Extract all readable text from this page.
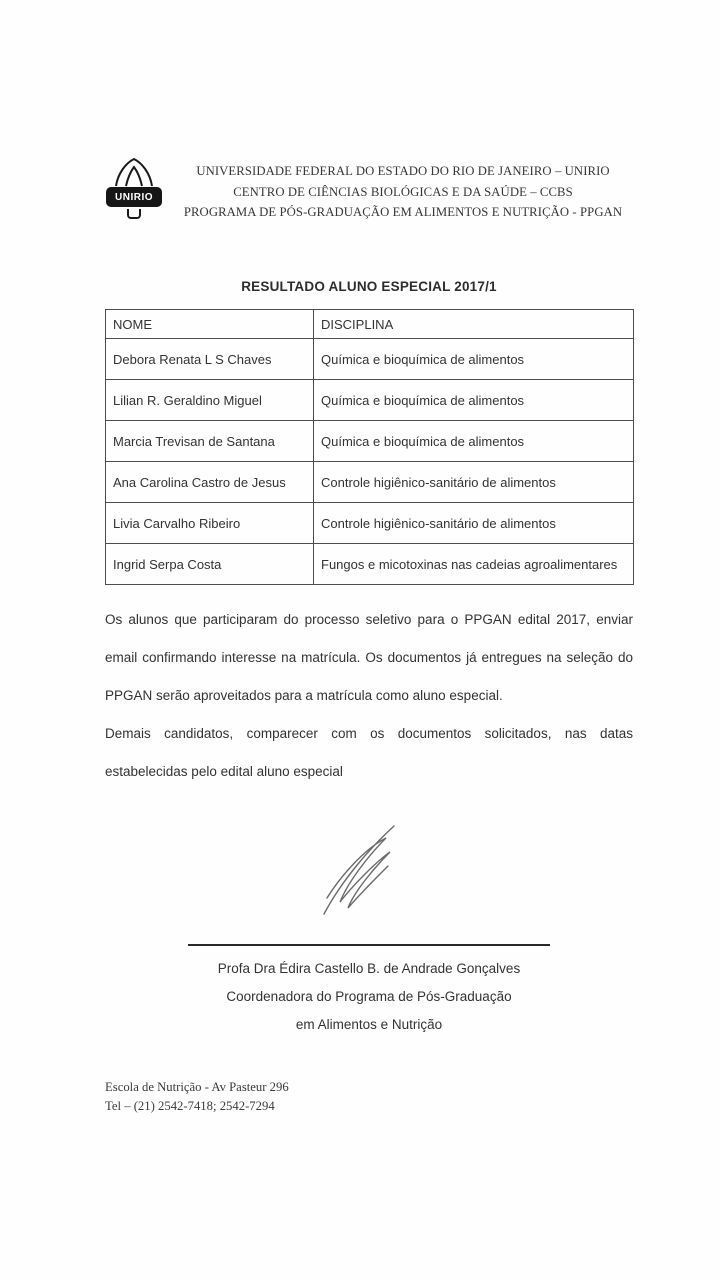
UNIRIO
UNIVERSIDADE FEDERAL DO ESTADO DO RIO DE JANEIRO – UNIRIO
CENTRO DE CIÊNCIAS BIOLÓGICAS E DA SAÚDE – CCBS
PROGRAMA DE PÓS-GRADUAÇÃO EM ALIMENTOS E NUTRIÇÃO - PPGAN
RESULTADO ALUNO ESPECIAL 2017/1
NOME	DISCIPLINA
Debora Renata L S Chaves	Química e bioquímica de alimentos
Lilian R. Geraldino Miguel	Química e bioquímica de alimentos
Marcia Trevisan de Santana	Química e bioquímica de alimentos
Ana Carolina Castro de Jesus	Controle higiênico-sanitário de alimentos
Livia Carvalho Ribeiro	Controle higiênico-sanitário de alimentos
Ingrid Serpa Costa	Fungos e micotoxinas nas cadeias agroalimentares

Os alunos que participaram do processo seletivo para o PPGAN edital 2017, enviar email confirmando interesse na matrícula. Os documentos já entregues na seleção do PPGAN serão aproveitados para a matrícula como aluno especial.

Demais candidatos, comparecer com os documentos solicitados, nas datas estabelecidas pelo edital aluno especial

Profa Dra Édira Castello B. de Andrade Gonçalves
Coordenadora do Programa de Pós-Graduação
em Alimentos e Nutrição
Escola de Nutrição - Av Pasteur 296
Tel – (21) 2542-7418; 2542-7294
